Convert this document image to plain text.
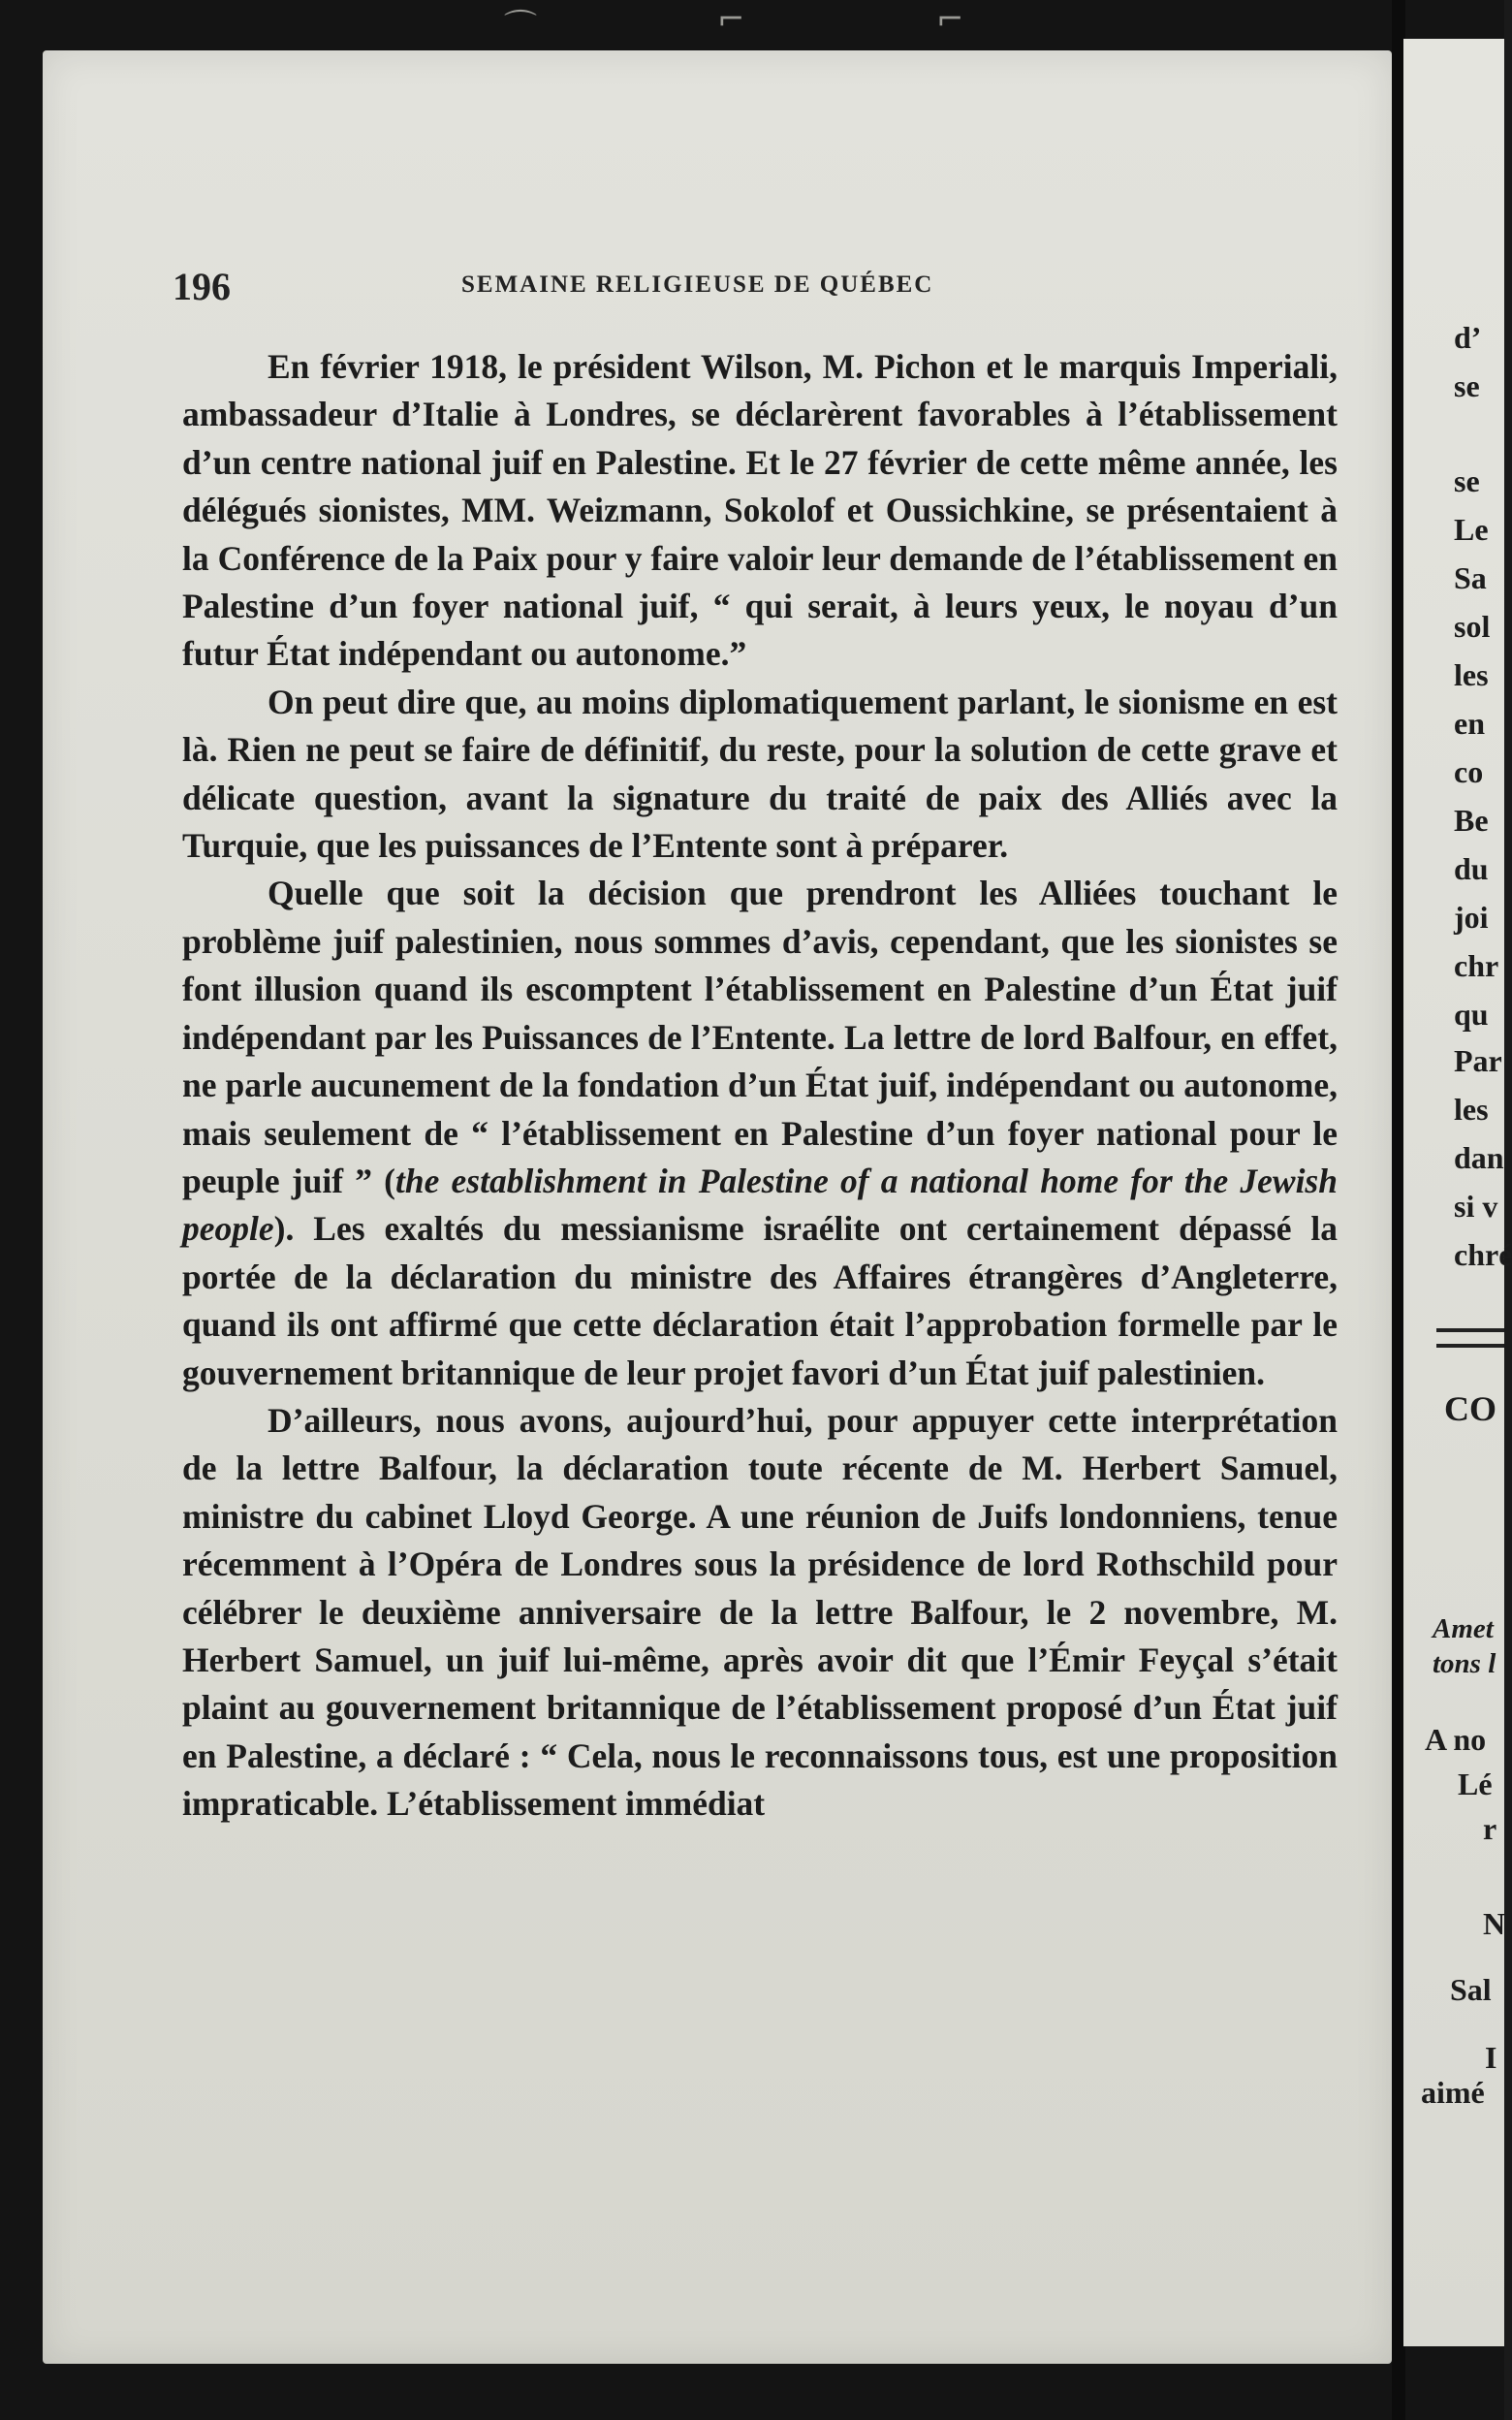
⌒	⌐	⌐
196	SEMAINE RELIGIEUSE DE QUÉBEC

En février 1918, le président Wilson, M. Pichon et le marquis Imperiali, ambassadeur d’Italie à Londres, se déclarèrent favorables à l’établissement d’un centre national juif en Palestine. Et le 27 février de cette même année, les délégués sionistes, MM. Weizmann, Sokolof et Oussichkine, se présentaient à la Conférence de la Paix pour y faire valoir leur demande de l’établissement en Palestine d’un foyer national juif, “ qui serait, à leurs yeux, le noyau d’un futur État indépendant ou autonome.”

On peut dire que, au moins diplomatiquement parlant, le sionisme en est là. Rien ne peut se faire de définitif, du reste, pour la solution de cette grave et délicate question, avant la signature du traité de paix des Alliés avec la Turquie, que les puissances de l’Entente sont à préparer.

Quelle que soit la décision que prendront les Alliées touchant le problème juif palestinien, nous sommes d’avis, cependant, que les sionistes se font illusion quand ils escomptent l’établissement en Palestine d’un État juif indépendant par les Puissances de l’Entente. La lettre de lord Balfour, en effet, ne parle aucunement de la fondation d’un État juif, indépendant ou autonome, mais seulement de “ l’établissement en Palestine d’un foyer national pour le peuple juif ” (the establishment in Palestine of a national home for the Jewish people). Les exaltés du messianisme israélite ont certainement dépassé la portée de la déclaration du ministre des Affaires étrangères d’Angleterre, quand ils ont affirmé que cette déclaration était l’approbation formelle par le gouvernement britannique de leur projet favori d’un État juif palestinien.

D’ailleurs, nous avons, aujourd’hui, pour appuyer cette interprétation de la lettre Balfour, la déclaration toute récente de M. Herbert Samuel, ministre du cabinet Lloyd George. A une réunion de Juifs londonniens, tenue récemment à l’Opéra de Londres sous la présidence de lord Rothschild pour célébrer le deuxième anniversaire de la lettre Balfour, le 2 novembre, M. Herbert Samuel, un juif lui-même, après avoir dit que l’Émir Feyçal s’était plaint au gouvernement britannique de l’établissement proposé d’un État juif en Palestine, a déclaré : “ Cela, nous le reconnaissons tous, est une proposition impraticable. L’établissement immédiat

d’
se
se
Le
Sa
sol
les
en
co
Be
du
joi
chr
qu
Par
les
dan
si v
chré
CO
Amet
tons l
A no
Lé
r
N
Sal
I
aimé
